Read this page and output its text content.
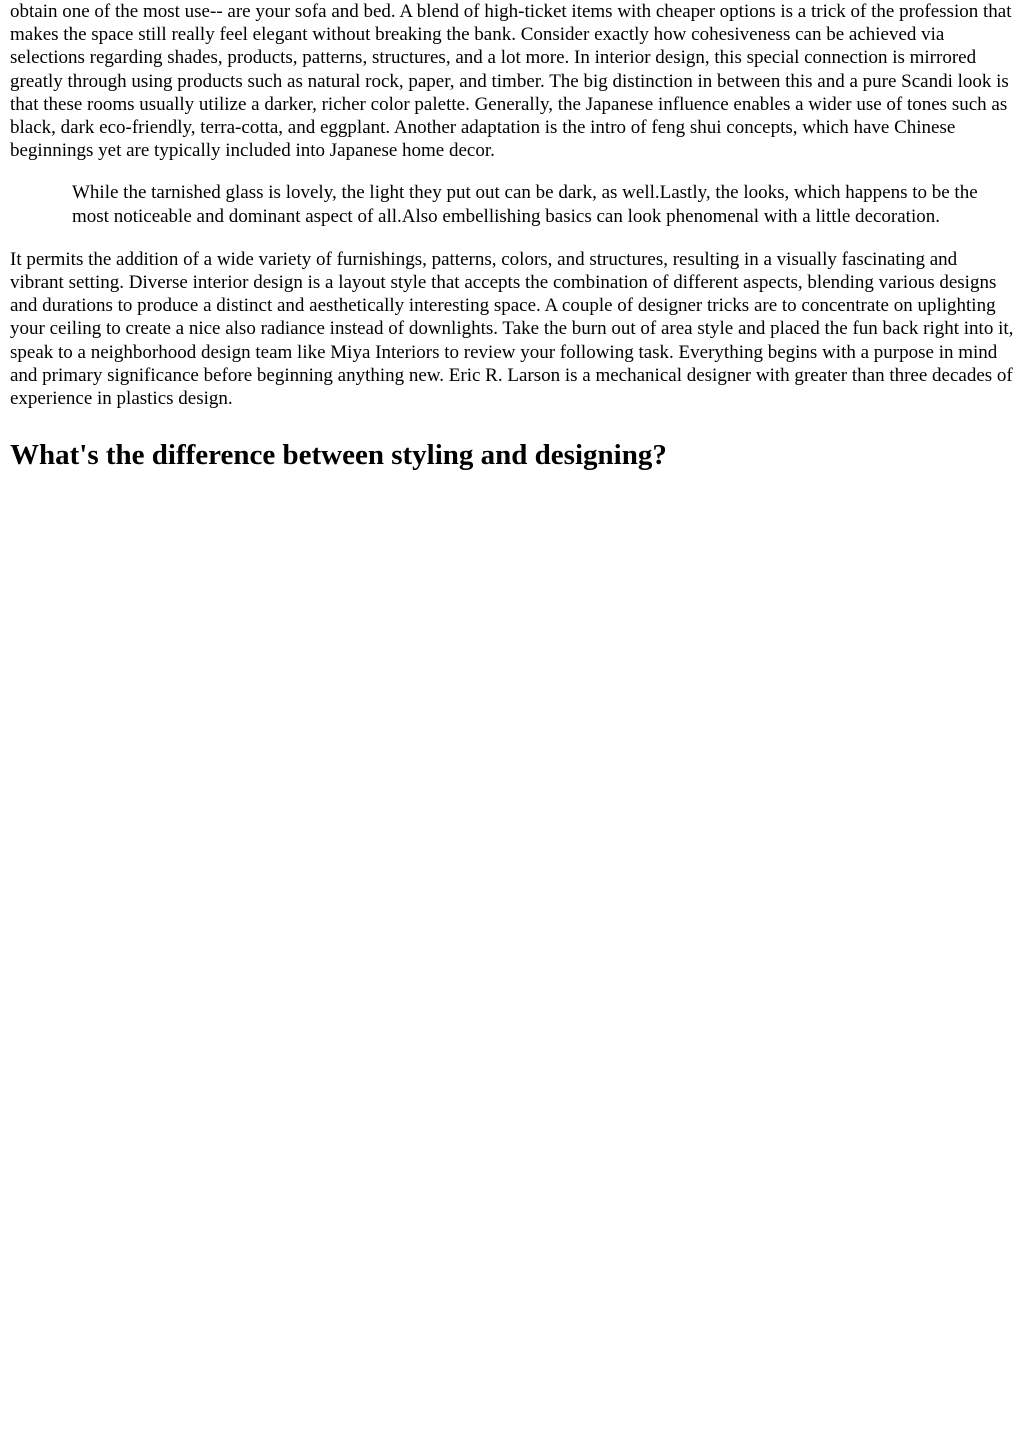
obtain one of the most use-- are your sofa and bed. A blend of high-ticket items with cheaper options is a trick of the profession that makes the space still really feel elegant without breaking the bank. Consider exactly how cohesiveness can be achieved via selections regarding shades, products, patterns, structures, and a lot more. In interior design, this special connection is mirrored greatly through using products such as natural rock, paper, and timber. The big distinction in between this and a pure Scandi look is that these rooms usually utilize a darker, richer color palette. Generally, the Japanese influence enables a wider use of tones such as black, dark eco-friendly, terra-cotta, and eggplant. Another adaptation is the intro of feng shui concepts, which have Chinese beginnings yet are typically included into Japanese home decor.

While the tarnished glass is lovely, the light they put out can be dark, as well.Lastly, the looks, which happens to be the most noticeable and dominant aspect of all.Also embellishing basics can look phenomenal with a little decoration.

It permits the addition of a wide variety of furnishings, patterns, colors, and structures, resulting in a visually fascinating and vibrant setting. Diverse interior design is a layout style that accepts the combination of different aspects, blending various designs and durations to produce a distinct and aesthetically interesting space. A couple of designer tricks are to concentrate on uplighting your ceiling to create a nice also radiance instead of downlights. Take the burn out of area style and placed the fun back right into it, speak to a neighborhood design team like Miya Interiors to review your following task. Everything begins with a purpose in mind and primary significance before beginning anything new. Eric R. Larson is a mechanical designer with greater than three decades of experience in plastics design.

What's the difference between styling and designing?
